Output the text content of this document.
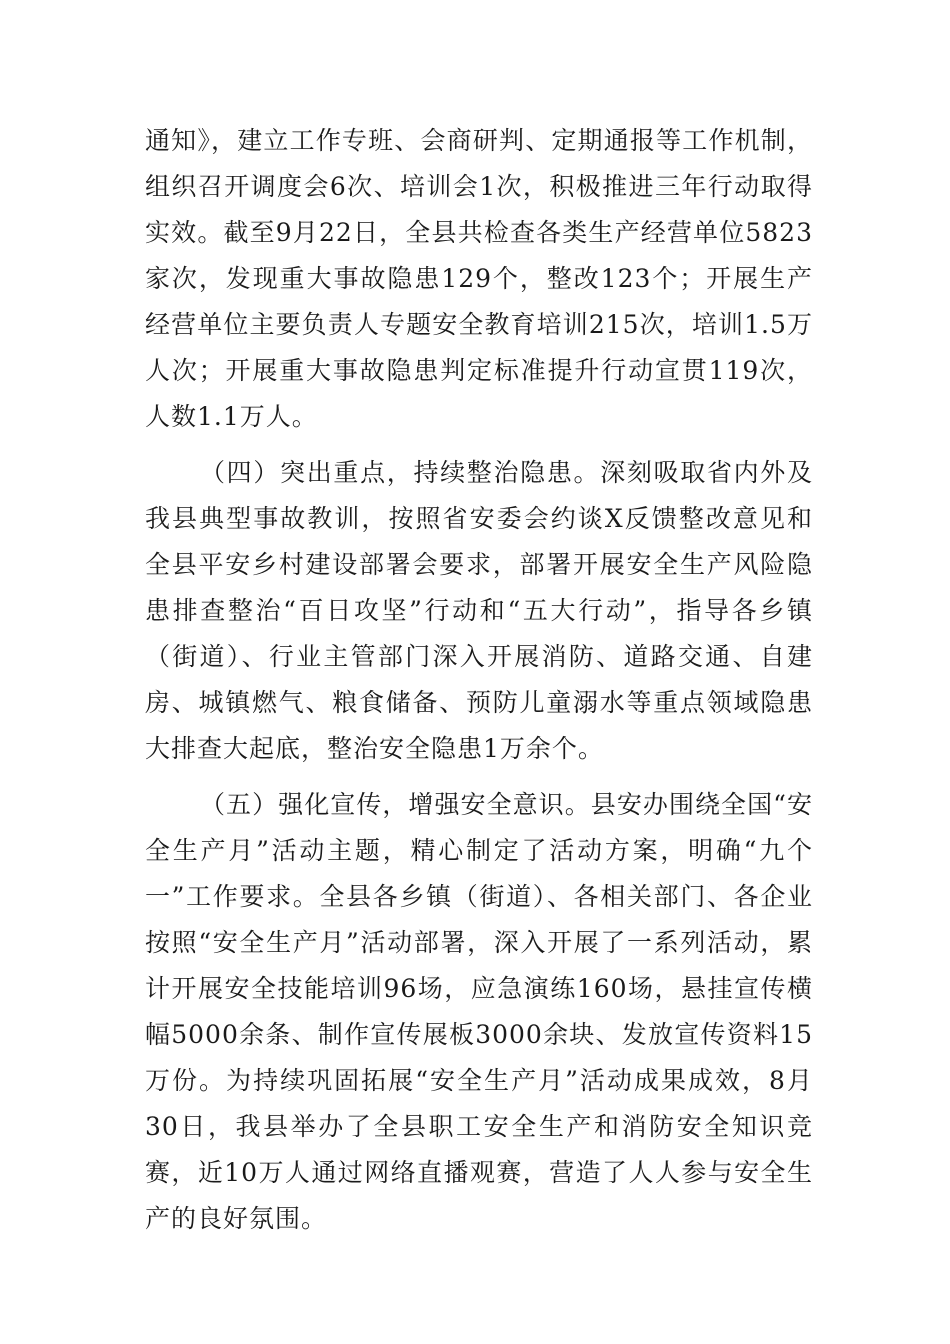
通知》，建立工作专班、会商研判、定期通报等工作机制，组织召开调度会6次、培训会1次，积极推进三年行动取得实效。截至9月22日，全县共检查各类生产经营单位5823家次，发现重大事故隐患129个，整改123个；开展生产经营单位主要负责人专题安全教育培训215次，培训1.5万人次；开展重大事故隐患判定标准提升行动宣贯119次，人数1.1万人。

（四）突出重点，持续整治隐患。深刻吸取省内外及我县典型事故教训，按照省安委会约谈X反馈整改意见和全县平安乡村建设部署会要求，部署开展安全生产风险隐患排查整治“百日攻坚”行动和“五大行动”，指导各乡镇（街道）、行业主管部门深入开展消防、道路交通、自建房、城镇燃气、粮食储备、预防儿童溺水等重点领域隐患大排查大起底，整治安全隐患1万余个。

（五）强化宣传，增强安全意识。县安办围绕全国“安全生产月”活动主题，精心制定了活动方案，明确“九个一”工作要求。全县各乡镇（街道）、各相关部门、各企业按照“安全生产月”活动部署，深入开展了一系列活动，累计开展安全技能培训96场，应急演练160场，悬挂宣传横幅5000余条、制作宣传展板3000余块、发放宣传资料15万份。为持续巩固拓展“安全生产月”活动成果成效，8月30日，我县举办了全县职工安全生产和消防安全知识竞赛，近10万人通过网络直播观赛，营造了人人参与安全生产的良好氛围。
